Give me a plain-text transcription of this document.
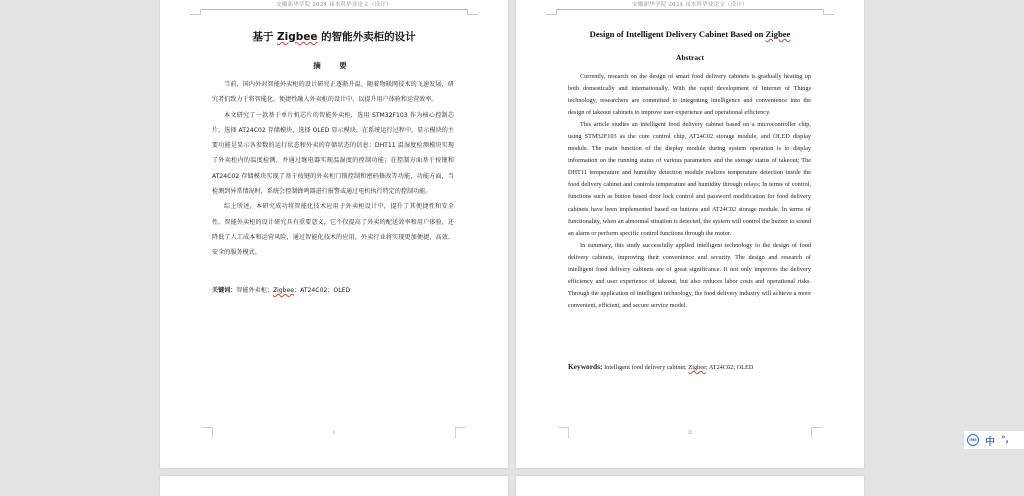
安徽新华学院 2024 届本科毕业论文（设计）
基于 Zigbee 的智能外卖柜的设计
摘 要

当前，国内外对智能外卖柜的设计研究正逐渐升温，随着物联网技术的飞速发展，研究者们致力于将智能化、便捷性融入外卖柜的设计中，以提升用户体验和运营效率。

本文研究了一款基于单片机芯片的智能外卖柜，选用 STM32F103 作为核心控制芯片，选择 AT24C02 存储模块，选择 OLED 显示模块，在系统运行过程中，显示模块的主要功能是显示各参数的运行状态和外卖的存储状态的信息；DHT11 温湿度检测模块实现了外卖柜内的温度检测，并通过继电器实现温湿度的控制功能；在控制方面基于按键和 AT24C02 存储模块实现了基于按键的外卖柜门锁控制和密码修改等功能，功能方面，当检测到异常情况时，系统会控制蜂鸣器进行报警或通过电机执行特定的控制功能。

综上所述，本研究成功将智能化技术应用于外卖柜设计中，提升了其便捷性和安全性。智能外卖柜的设计研究具有重要意义，它不仅提高了外卖的配送效率和用户体验，还降低了人工成本和运营风险，通过智能化技术的应用，外卖行业将实现更加便捷、高效、安全的服务模式。

关键词：智能外卖柜；Zigbee；AT24C02；OLED
I
安徽新华学院 2024 届本科毕业论文（设计）
Design of Intelligent Delivery Cabinet Based on Zigbee
Abstract

Currently, research on the design of smart food delivery cabinets is gradually heating up both domestically and internationally. With the rapid development of Internet of Things technology, researchers are committed to integrating intelligence and convenience into the design of takeout cabinets to improve user experience and operational efficiency.

This article studies an intelligent food delivery cabinet based on a microcontroller chip, using STM32F103 as the core control chip, AT24C02 storage module, and OLED display module. The main function of the display module during system operation is to display information on the running status of various parameters and the storage status of takeout; The DHT11 temperature and humidity detection module realizes temperature detection inside the food delivery cabinet and controls temperature and humidity through relays; In terms of control, functions such as button based door lock control and password modification for food delivery cabinets have been implemented based on buttons and AT24C02 storage module. In terms of functionality, when an abnormal situation is detected, the system will control the buzzer to sound an alarm or perform specific control functions through the motor.

In summary, this study successfully applied intelligent technology to the design of food delivery cabinets, improving their convenience and security. The design and research of intelligent food delivery cabinets are of great significance. It not only improves the delivery efficiency and user experience of takeout, but also reduces labor costs and operational risks. Through the application of intelligent technology, the food delivery industry will achieve a more convenient, efficient, and secure service model.

Keywords: Intelligent food delivery cabinet; Zigbee; AT24C02; OLED
II
IME 中 °,
